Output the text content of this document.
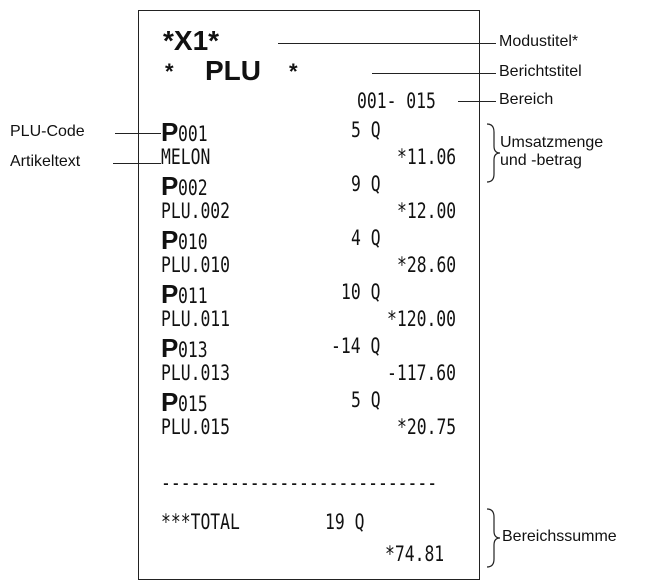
*X1*
* PLU *
001- 015
P001	5 Q
MELON	*11.06
P002	9 Q
PLU.002	*12.00
P010	4 Q
PLU.010	*28.60
P011	10 Q
PLU.011	*120.00
P013	-14 Q
PLU.013	-117.60
P015	5 Q
PLU.015	*20.75
----------------------------
***TOTAL	19 Q
*74.81
Modustitel*
Berichtstitel
Bereich
Umsatzmenge
und -betrag
Bereichssumme
PLU-Code
Artikeltext
